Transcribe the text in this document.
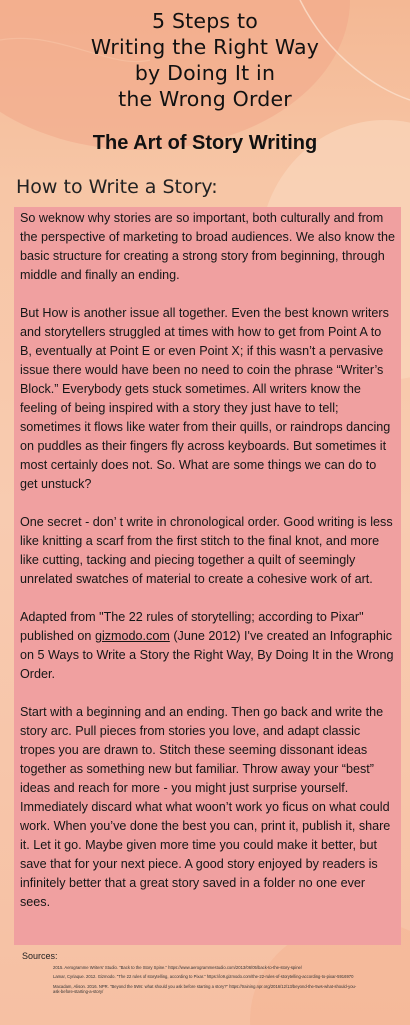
5 Steps to
Writing the Right Way
by Doing It in
the Wrong Order
The Art of Story Writing
How to Write a Story:

So weknow why stories are so important, both culturally and from the perspective of marketing to broad audiences. We also know the basic structure for creating a strong story from beginning, through middle and finally an ending.

But How is another issue all together. Even the best known writers and storytellers struggled at times with how to get from Point A to B, eventually at Point E or even Point X; if this wasn’t a pervasive issue there would have been no need to coin the phrase “Writer’s Block.” Everybody gets stuck sometimes. All writers know the feeling of being inspired with a story they just have to tell; sometimes it flows like water from their quills, or raindrops dancing on puddles as their fingers fly across keyboards. But sometimes it most certainly does not. So. What are some things we can do to get unstuck?

One secret - don’ t write in chronological order. Good writing is less like knitting a scarf from the first stitch to the final knot, and more like cutting, tacking and piecing together a quilt of seemingly unrelated swatches of material to create a cohesive work of art.

Adapted from "The 22 rules of storytelling; according to Pixar" published on gizmodo.com (June 2012) I've created an Infographic on 5 Ways to Write a Story the Right Way, By Doing It in the Wrong Order.

Start with a beginning and an ending. Then go back and write the story arc. Pull pieces from stories you love, and adapt classic tropes you are drawn to. Stitch these seeming dissonant ideas together as something new but familiar. Throw away your “best” ideas and reach for more - you might just surprise yourself. Immediately discard what what woon’t work yo ficus on what could work. When you’ve done the best you can, print it, publish it, share it. Let it go. Maybe given more time you could make it better, but save that for your next piece. A good story enjoyed by readers is infinitely better that a great story saved in a folder no one ever sees.

Sources:

2015. Aerogramme Writers' Studio. "Back to the Story Spine." https://www.aerogrammestudio.com/2013/06/05/back-to-the-story-spine/

Lamar, Cyriaque. 2012. Gizmodo. "The 22 rules of storytelling, according to Pixar." https://io9.gizmodo.com/the-22-rules-of-storytelling-according-to-pixar-5916970

Macadam, Alison. 2016. NPR. "Beyond the 5Ws: what should you ask before starting a story?" https://training.npr.org/2016/12/13/beyond-the-5ws-what-should-you-ask-before-starting-a-story/
